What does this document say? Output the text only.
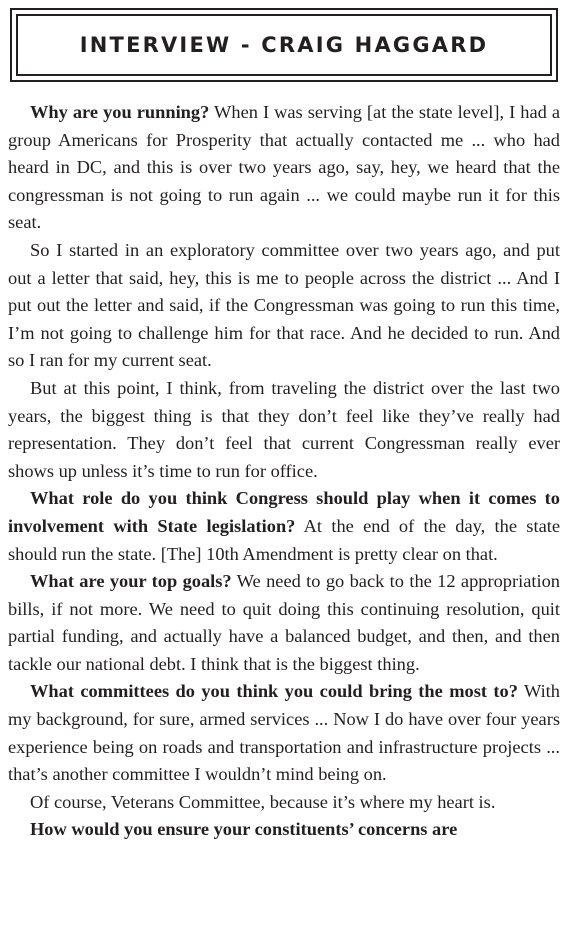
INTERVIEW - CRAIG HAGGARD

Why are you running? When I was serving [at the state level], I had a group Americans for Prosperity that actually contacted me ... who had heard in DC, and this is over two years ago, say, hey, we heard that the congressman is not going to run again ... we could maybe run it for this seat.

So I started in an exploratory committee over two years ago, and put out a letter that said, hey, this is me to people across the district ... And I put out the letter and said, if the Congressman was going to run this time, I’m not going to challenge him for that race. And he decided to run. And so I ran for my current seat.

But at this point, I think, from traveling the district over the last two years, the biggest thing is that they don’t feel like they’ve really had representation. They don’t feel that current Congressman really ever shows up unless it’s time to run for office.

What role do you think Congress should play when it comes to involvement with State legislation? At the end of the day, the state should run the state. [The] 10th Amendment is pretty clear on that.

What are your top goals? We need to go back to the 12 appropriation bills, if not more. We need to quit doing this continuing resolution, quit partial funding, and actually have a balanced budget, and then, and then tackle our national debt. I think that is the biggest thing.

What committees do you think you could bring the most to? With my background, for sure, armed services ... Now I do have over four years experience being on roads and transportation and infrastructure projects ... that’s another committee I wouldn’t mind being on.

Of course, Veterans Committee, because it’s where my heart is.

How would you ensure your constituents’ concerns are
